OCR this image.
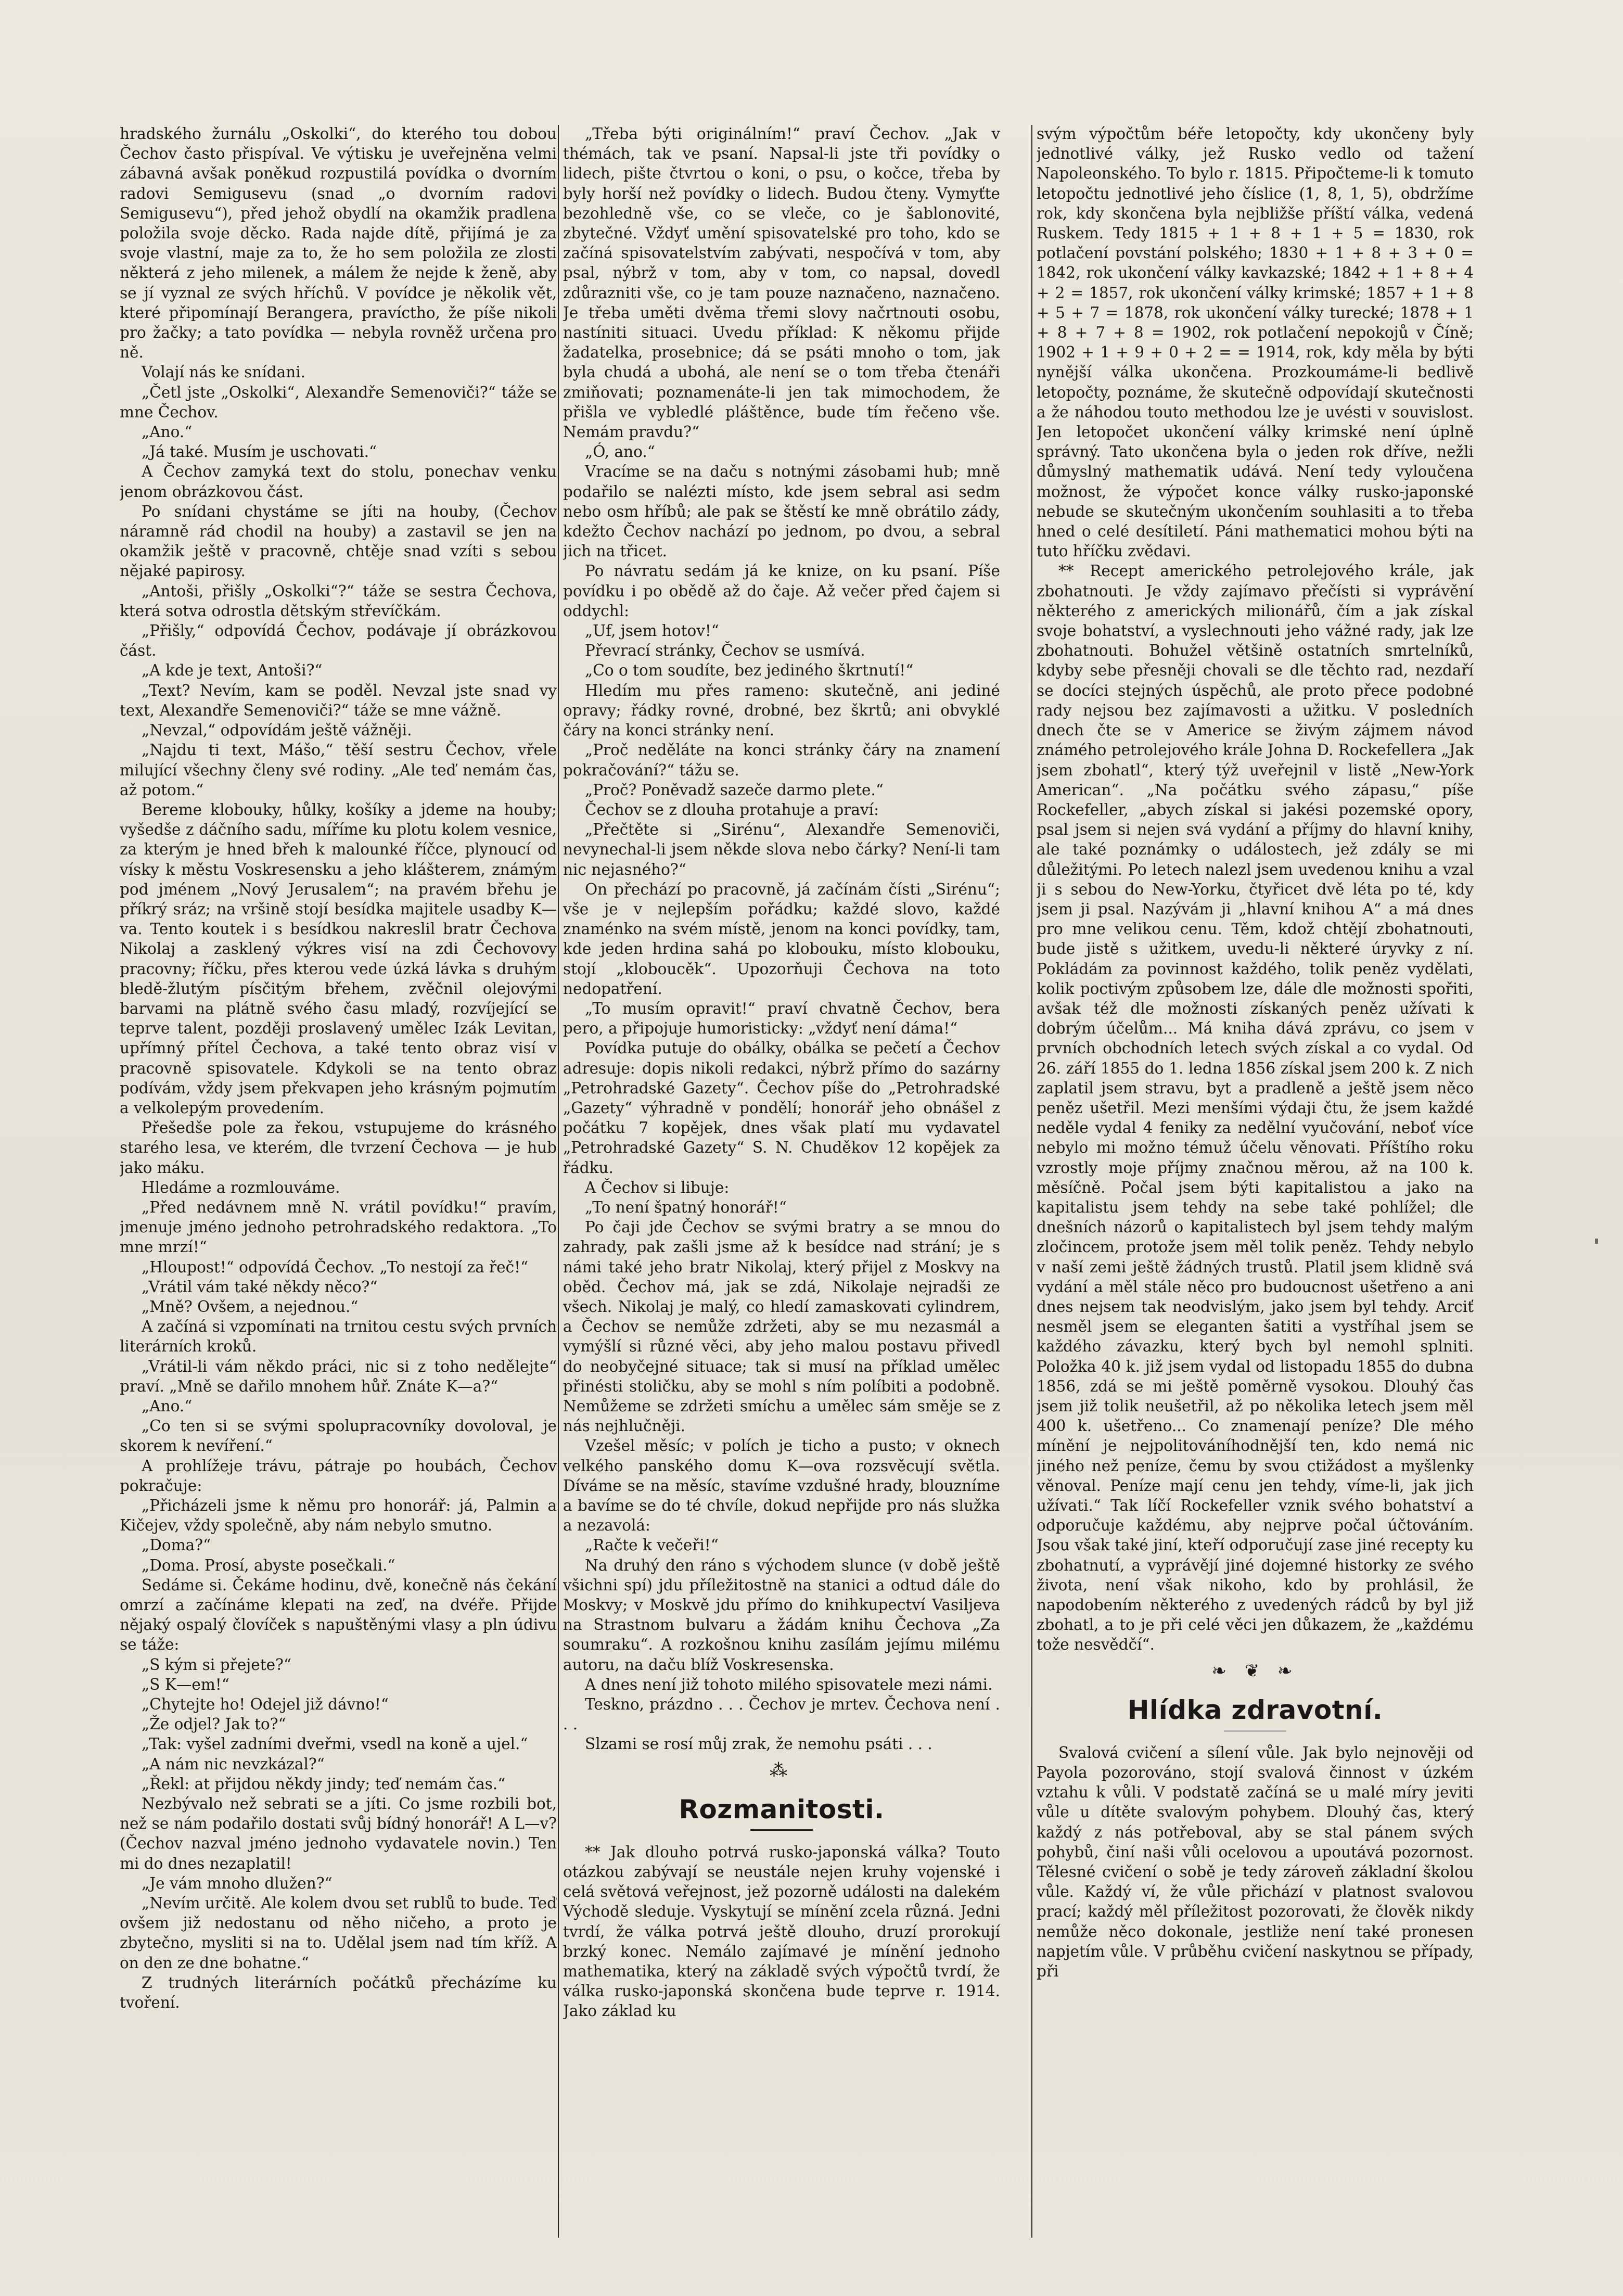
hradského žurnálu „Oskolki“, do kterého tou dobou Čechov často přispíval. Ve výtisku je uveřejněna velmi zábavná avšak poněkud rozpustilá povídka o dvorním radovi Semigusevu (snad „o dvorním radovi Semigusevu“), před jehož obydlí na okamžik pradlena položila svoje děcko. Rada najde dítě, přijímá je za svoje vlastní, maje za to, že ho sem položila ze zlosti některá z jeho milenek, a málem že nejde k ženě, aby se jí vyznal ze svých hříchů. V povídce je několik vět, které připomínají Berangera, pravíctho, že píše nikoli pro žačky; a tato povídka — nebyla rovněž určena pro ně.

Volají nás ke snídani.

„Četl jste „Oskolki“, Alexandře Semenoviči?“ táže se mne Čechov.

„Ano.“

„Já také. Musím je uschovati.“

A Čechov zamyká text do stolu, ponechav venku jenom obrázkovou část.

Po snídani chystáme se jíti na houby, (Čechov náramně rád chodil na houby) a zastavil se jen na okamžik ještě v pracovně, chtěje snad vzíti s sebou nějaké papirosy.

„Antoši, přišly „Oskolki“?“ táže se sestra Čechova, která sotva odrostla dětským střevíčkám.

„Přišly,“ odpovídá Čechov, podávaje jí obrázkovou část.

„A kde je text, Antoši?“

„Text? Nevím, kam se poděl. Nevzal jste snad vy text, Alexandře Semenoviči?“ táže se mne vážně.

„Nevzal,“ odpovídám ještě vážněji.

„Najdu ti text, Mášo,“ těší sestru Čechov, vřele milující všechny členy své rodiny. „Ale teď nemám čas, až potom.“

Bereme klobouky, hůlky, košíky a jdeme na houby; vyšedše z dáčního sadu, míříme ku plotu kolem vesnice, za kterým je hned břeh k malounké říčce, plynoucí od vísky k městu Voskresensku a jeho klášterem, známým pod jménem „Nový Jerusalem“; na pravém břehu je příkrý sráz; na vršině stojí besídka majitele usadby K—va. Tento koutek i s besídkou nakreslil bratr Čechova Nikolaj a zasklený výkres visí na zdi Čechovovy pracovny; říčku, přes kterou vede úzká lávka s druhým bledě-žlutým písčitým břehem, zvěčnil olejovými barvami na plátně svého času mladý, rozvíjející se teprve talent, později proslavený umělec Izák Levitan, upřímný přítel Čechova, a také tento obraz visí v pracovně spisovatele. Kdykoli se na tento obraz podívám, vždy jsem překvapen jeho krásným pojmutím a velkolepým provedením.

Přešedše pole za řekou, vstupujeme do krásného starého lesa, ve kterém, dle tvrzení Čechova — je hub jako máku.

Hledáme a rozmlouváme.

„Před nedávnem mně N. vrátil povídku!“ pravím, jmenuje jméno jednoho petrohradského redaktora. „To mne mrzí!“

„Hloupost!“ odpovídá Čechov. „To nestojí za řeč!“

„Vrátil vám také někdy něco?“

„Mně? Ovšem, a nejednou.“

A začíná si vzpomínati na trnitou cestu svých prvních literárních kroků.

„Vrátil-li vám někdo práci, nic si z toho nedělejte“ praví. „Mně se dařilo mnohem hůř. Znáte K—a?“

„Ano.“

„Co ten si se svými spolupracovníky dovoloval, je skorem k nevíření.“

A prohlížeje trávu, pátraje po houbách, Čechov pokračuje:

„Přicházeli jsme k němu pro honorář: já, Palmin a Kičejev, vždy společně, aby nám nebylo smutno.

„Doma?“

„Doma. Prosí, abyste posečkali.“

Sedáme si. Čekáme hodinu, dvě, konečně nás čekání omrzí a začínáme klepati na zeď, na dvéře. Přijde nějaký ospalý človíček s napuštěnými vlasy a pln údivu se táže:

„S kým si přejete?“

„S K—em!“

„Chytejte ho! Odejel již dávno!“

„Že odjel? Jak to?“

„Tak: vyšel zadními dveřmi, vsedl na koně a ujel.“

„A nám nic nevzkázal?“

„Řekl: at přijdou někdy jindy; teď nemám čas.“

Nezbývalo než sebrati se a jíti. Co jsme rozbili bot, než se nám podařilo dostati svůj bídný honorář! A L—v? (Čechov nazval jméno jednoho vydavatele novin.) Ten mi do dnes nezaplatil!

„Je vám mnoho dlužen?“

„Nevím určitě. Ale kolem dvou set rublů to bude. Teď ovšem již nedostanu od něho ničeho, a proto je zbytečno, mysliti si na to. Udělal jsem nad tím kříž. A on den ze dne bohatne.“

Z trudných literárních počátků přecházíme ku tvoření.

„Třeba býti originálním!“ praví Čechov. „Jak v thémách, tak ve psaní. Napsal-li jste tři povídky o lidech, pište čtvrtou o koni, o psu, o kočce, třeba by byly horší než povídky o lidech. Budou čteny. Vymyťte bezohledně vše, co se vleče, co je šablonovité, zbytečné. Vždyť umění spisovatelské pro toho, kdo se začíná spisovatelstvím zabývati, nespočívá v tom, aby psal, nýbrž v tom, aby v tom, co napsal, dovedl zdůrazniti vše, co je tam pouze naznačeno, naznačeno. Je třeba uměti dvěma třemi slovy načrtnouti osobu, nastíniti situaci. Uvedu příklad: K někomu přijde žadatelka, prosebnice; dá se psáti mnoho o tom, jak byla chudá a ubohá, ale není se o tom třeba čtenáři zmiňovati; poznamenáte-li jen tak mimochodem, že přišla ve vybledlé pláštěnce, bude tím řečeno vše. Nemám pravdu?“

„Ó, ano.“

Vracíme se na daču s notnými zásobami hub; mně podařilo se nalézti místo, kde jsem sebral asi sedm nebo osm hříbů; ale pak se štěstí ke mně obrátilo zády, kdežto Čechov nachází po jednom, po dvou, a sebral jich na třicet.

Po návratu sedám já ke knize, on ku psaní. Píše povídku i po obědě až do čaje. Až večer před čajem si oddychl:

„Uf, jsem hotov!“

Převrací stránky, Čechov se usmívá.

„Co o tom soudíte, bez jediného škrtnutí!“

Hledím mu přes rameno: skutečně, ani jediné opravy; řádky rovné, drobné, bez škrtů; ani obvyklé čáry na konci stránky není.

„Proč neděláte na konci stránky čáry na znamení pokračování?“ tážu se.

„Proč? Poněvadž sazeče darmo plete.“

Čechov se z dlouha protahuje a praví:

„Přečtěte si „Sirénu“, Alexandře Semenoviči, nevynechal-li jsem někde slova nebo čárky? Není-li tam nic nejasného?“

On přechází po pracovně, já začínám čísti „Sirénu“; vše je v nejlepším pořádku; každé slovo, každé znaménko na svém místě, jenom na konci povídky, tam, kde jeden hrdina sahá po klobouku, místo klobouku, stojí „kloboucěk“. Upozorňuji Čechova na toto nedopatření.

„To musím opravit!“ praví chvatně Čechov, bera pero, a připojuje humoristicky: „vždyť není dáma!“

Povídka putuje do obálky, obálka se pečetí a Čechov adresuje: dopis nikoli redakci, nýbrž přímo do sazárny „Petrohradské Gazety“. Čechov píše do „Petrohradské „Gazety“ výhradně v pondělí; honorář jeho obnášel z počátku 7 kopějek, dnes však platí mu vydavatel „Petrohradské Gazety“ S. N. Chuděkov 12 kopějek za řádku.

A Čechov si libuje:

„To není špatný honorář!“

Po čaji jde Čechov se svými bratry a se mnou do zahrady, pak zašli jsme až k besídce nad strání; je s námi také jeho bratr Nikolaj, který přijel z Moskvy na oběd. Čechov má, jak se zdá, Nikolaje nejradši ze všech. Nikolaj je malý, co hledí zamaskovati cylindrem, a Čechov se nemůže zdržeti, aby se mu nezasmál a vymýšlí si různé věci, aby jeho malou postavu přivedl do neobyčejné situace; tak si musí na příklad umělec přinésti stoličku, aby se mohl s ním políbiti a podobně. Nemůžeme se zdržeti smíchu a umělec sám směje se z nás nejhlučněji.

Vzešel měsíc; v polích je ticho a pusto; v oknech velkého panského domu K—ova rozsvěcují světla. Díváme se na měsíc, stavíme vzdušné hrady, blouzníme a bavíme se do té chvíle, dokud nepřijde pro nás služka a nezavolá:

„Račte k večeři!“

Na druhý den ráno s východem slunce (v době ještě všichni spí) jdu příležitostně na stanici a odtud dále do Moskvy; v Moskvě jdu přímo do knihkupectví Vasiljeva na Strastnom bulvaru a žádám knihu Čechova „Za soumraku“. A rozkošnou knihu zasílám jejímu milému autoru, na daču blíž Voskresenska.

A dnes není již tohoto milého spisovatele mezi námi.

Teskno, prázdno . . . Čechov je mrtev. Čechova není . . .

Slzami se rosí můj zrak, že nemohu psáti . . .

⁂
Rozmanitosti.

** Jak dlouho potrvá rusko-japonská válka? Touto otázkou zabývají se neustále nejen kruhy vojenské i celá světová veřejnost, jež pozorně události na dalekém Východě sleduje. Vyskytují se mínění zcela různá. Jedni tvrdí, že válka potrvá ještě dlouho, druzí prorokují brzký konec. Nemálo zajímavé je mínění jednoho mathematika, který na základě svých výpočtů tvrdí, že válka rusko-japonská skončena bude teprve r. 1914. Jako základ ku

svým výpočtům béře letopočty, kdy ukončeny byly jednotlivé války, jež Rusko vedlo od tažení Napoleonského. To bylo r. 1815. Připočteme-li k tomuto letopočtu jednotlivé jeho číslice (1, 8, 1, 5), obdržíme rok, kdy skončena byla nejbližše příští válka, vedená Ruskem. Tedy 1815 + 1 + 8 + 1 + 5 = 1830, rok potlačení povstání polského; 1830 + 1 + 8 + 3 + 0 = 1842, rok ukončení války kavkazské; 1842 + 1 + 8 + 4 + 2 = 1857, rok ukončení války krimské; 1857 + 1 + 8 + 5 + 7 = 1878, rok ukončení války turecké; 1878 + 1 + 8 + 7 + 8 = 1902, rok potlačení nepokojů v Číně; 1902 + 1 + 9 + 0 + 2 = = 1914, rok, kdy měla by býti nynější válka ukončena. Prozkoumáme-li bedlivě letopočty, poznáme, že skutečně odpovídají skutečnosti a že náhodou touto methodou lze je uvésti v souvislost. Jen letopočet ukončení války krimské není úplně správný. Tato ukončena byla o jeden rok dříve, nežli důmyslný mathematik udává. Není tedy vyloučena možnost, že výpočet konce války rusko-japonské nebude se skutečným ukončením souhlasiti a to třeba hned o celé desítiletí. Páni mathematici mohou býti na tuto hříčku zvědavi.

** Recept amerického petrolejového krále, jak zbohatnouti. Je vždy zajímavo přečísti si vyprávění některého z amerických milionářů, čím a jak získal svoje bohatství, a vyslechnouti jeho vážné rady, jak lze zbohatnouti. Bohužel většině ostatních smrtelníků, kdyby sebe přesněji chovali se dle těchto rad, nezdaří se docíci stejných úspěchů, ale proto přece podobné rady nejsou bez zajímavosti a užitku. V posledních dnech čte se v Americe se živým zájmem návod známého petrolejového krále Johna D. Rockefellera „Jak jsem zbohatl“, který týž uveřejnil v listě „New-York American“. „Na počátku svého zápasu,“ píše Rockefeller, „abych získal si jakési pozemské opory, psal jsem si nejen svá vydání a příjmy do hlavní knihy, ale také poznámky o událostech, jež zdály se mi důležitými. Po letech nalezl jsem uvedenou knihu a vzal ji s sebou do New-Yorku, čtyřicet dvě léta po té, kdy jsem ji psal. Nazývám ji „hlavní knihou A“ a má dnes pro mne velikou cenu. Těm, kdož chtějí zbohatnouti, bude jistě s užitkem, uvedu-li některé úryvky z ní. Pokládám za povinnost každého, tolik peněz vydělati, kolik poctivým způsobem lze, dále dle možnosti spořiti, avšak též dle možnosti získaných peněz užívati k dobrým účelům... Má kniha dává zprávu, co jsem v prvních obchodních letech svých získal a co vydal. Od 26. září 1855 do 1. ledna 1856 získal jsem 200 k. Z nich zaplatil jsem stravu, byt a pradleně a ještě jsem něco peněz ušetřil. Mezi menšími výdaji čtu, že jsem každé neděle vydal 4 feniky za nedělní vyučování, neboť více nebylo mi možno témuž účelu věnovati. Příštího roku vzrostly moje příjmy značnou měrou, až na 100 k. měsíčně. Počal jsem býti kapitalistou a jako na kapitalistu jsem tehdy na sebe také pohlížel; dle dnešních názorů o kapitalistech byl jsem tehdy malým zločincem, protože jsem měl tolik peněz. Tehdy nebylo v naší zemi ještě žádných trustů. Platil jsem klidně svá vydání a měl stále něco pro budoucnost ušetřeno a ani dnes nejsem tak neodvislým, jako jsem byl tehdy. Arciť nesměl jsem se eleganten šatiti a vystříhal jsem se každého závazku, který bych byl nemohl splniti. Položka 40 k. již jsem vydal od listopadu 1855 do dubna 1856, zdá se mi ještě poměrně vysokou. Dlouhý čas jsem již tolik neušetřil, až po několika letech jsem měl 400 k. ušetřeno... Co znamenají peníze? Dle mého mínění je nejpolitováníhodnější ten, kdo nemá nic jiného než peníze, čemu by svou ctižádost a myšlenky věnoval. Peníze mají cenu jen tehdy, víme-li, jak jich užívati.“ Tak líčí Rockefeller vznik svého bohatství a odporučuje každému, aby nejprve počal účtováním. Jsou však také jiní, kteří odporučují zase jiné recepty ku zbohatnutí, a vyprávějí jiné dojemné historky ze svého života, není však nikoho, kdo by prohlásil, že napodobením některého z uvedených rádců by byl již zbohatl, a to je při celé věci jen důkazem, že „každému tože nesvědčí“.

❧ ❦ ❧
Hlídka zdravotní.

Svalová cvičení a sílení vůle. Jak bylo nejnověji od Payola pozorováno, stojí svalová činnost v úzkém vztahu k vůli. V podstatě začíná se u malé míry jeviti vůle u dítěte svalovým pohybem. Dlouhý čas, který každý z nás potřeboval, aby se stal pánem svých pohybů, činí naši vůli ocelovou a upoutává pozornost. Tělesné cvičení o sobě je tedy zároveň základní školou vůle. Každý ví, že vůle přichází v platnost svalovou prací; každý měl příležitost pozorovati, že člověk nikdy nemůže něco dokonale, jestliže není také pronesen napjetím vůle. V průběhu cvičení naskytnou se případy, při
